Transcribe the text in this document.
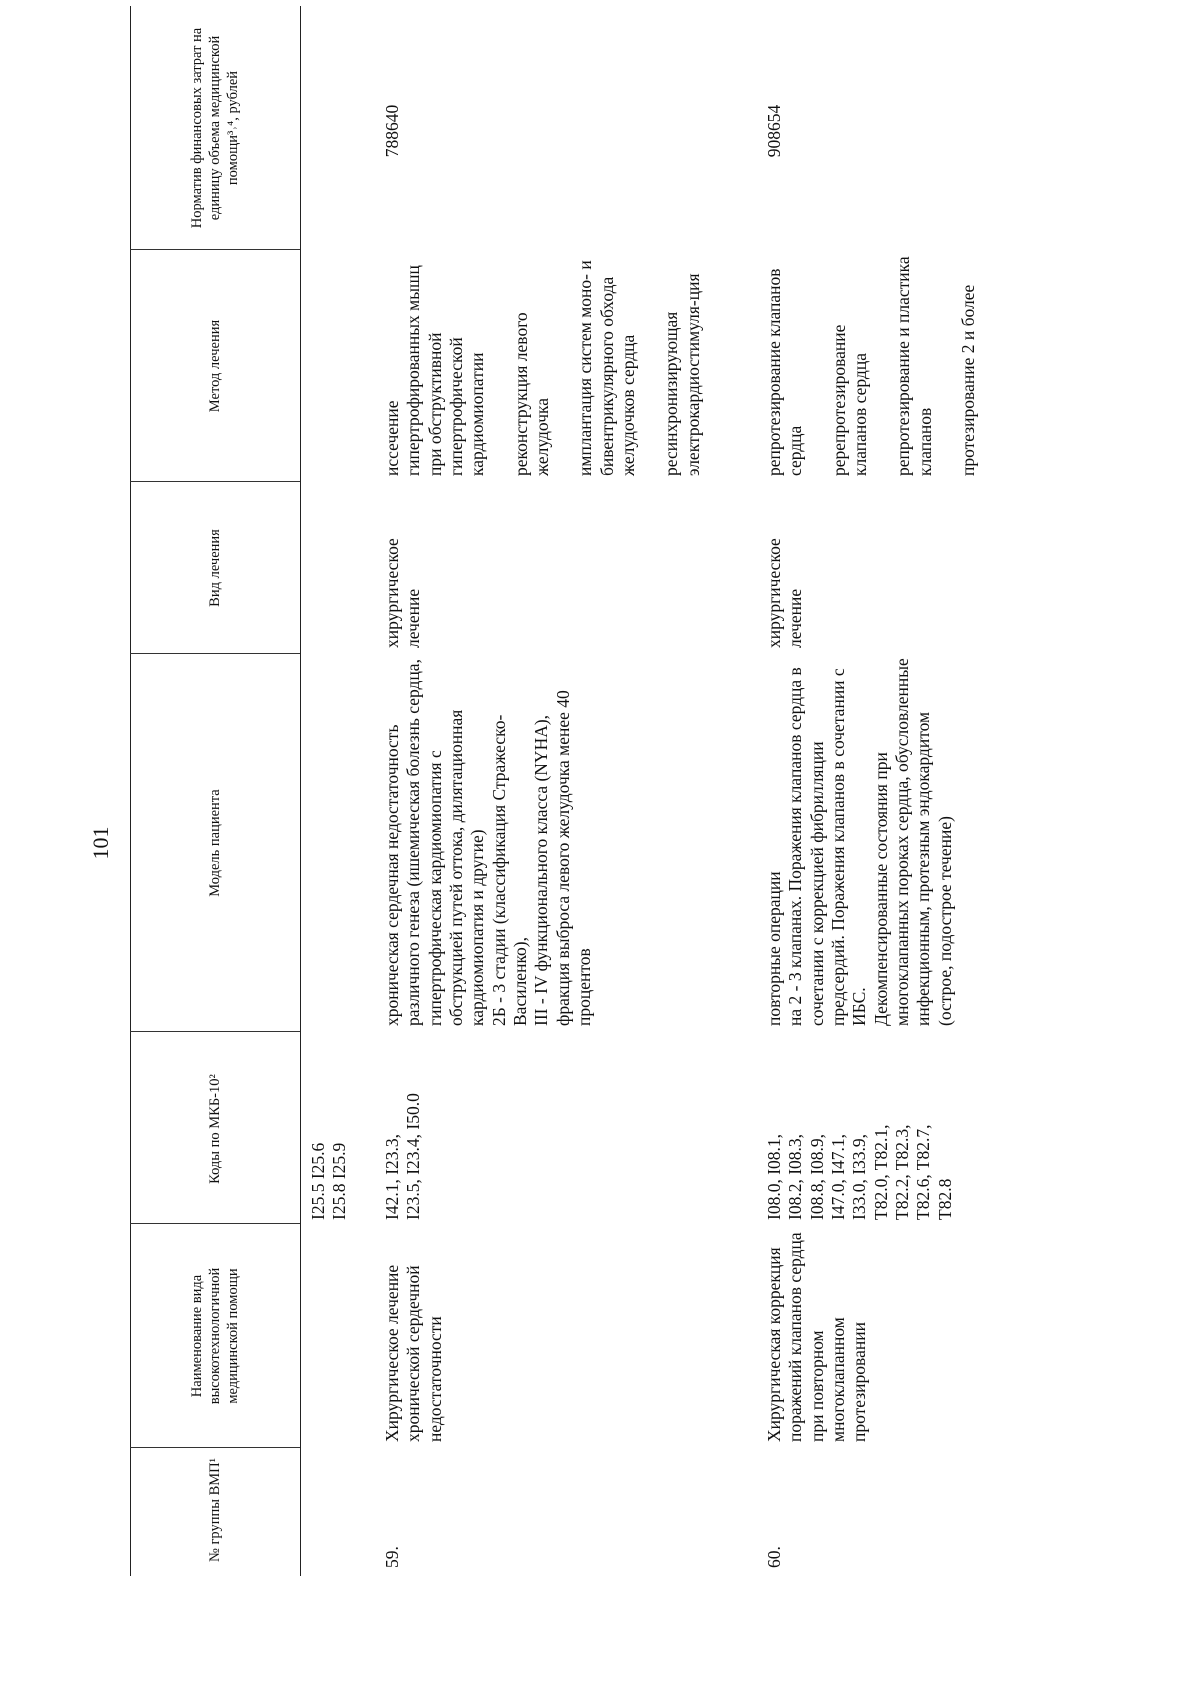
101
№ группы ВМП¹
Наименование вида высокотехнологичной медицинской помощи
Коды по МКБ-10²
Модель пациента
Вид лечения
Метод лечения
Норматив финансовых затрат на единицу объема медицинской помощи³˒⁴, рублей
I25.5 I25.6
I25.8 I25.9
59.
Хирургическое лечение хронической сердечной недостаточности
I42.1, I23.3,
I23.5, I23.4, I50.0
хроническая сердечная недостаточность различного генеза (ишемическая болезнь сердца, гипертрофическая кардиомиопатия с обструкцией путей оттока, дилятационная кардиомиопатия и другие)
2Б - 3 стадии (классификация Стражеско-Василенко),
III - IV функционального класса (NYHA), фракция выброса левого желудочка менее 40 процентов
хирургическое лечение
иссечение гипертрофированных мышц при обструктивной гипертрофической кардиомиопатии реконструкция левого желудочка имплантация систем моно- и бивентрикулярного обхода желудочков сердца ресинхронизирующая электрокардиостимуля-ция
788640
60.
Хирургическая коррекция поражений клапанов сердца при повторном многоклапанном протезировании
I08.0, I08.1,
I08.2, I08.3,
I08.8, I08.9,
I47.0, I47.1,
I33.0, I33.9,
T82.0, T82.1,
T82.2, T82.3,
T82.6, T82.7,
T82.8
повторные операции
на 2 - 3 клапанах. Поражения клапанов сердца в сочетании с коррекцией фибрилляции предсердий. Поражения клапанов в сочетании с ИБС.
Декомпенсированные состояния при многоклапанных пороках сердца, обусловленные инфекционным, протезным эндокардитом
(острое, подострое течение)
хирургическое лечение
репротезирование клапанов сердца ререпротезирование клапанов сердца репротезирование и пластика клапанов протезирование 2 и более
908654
